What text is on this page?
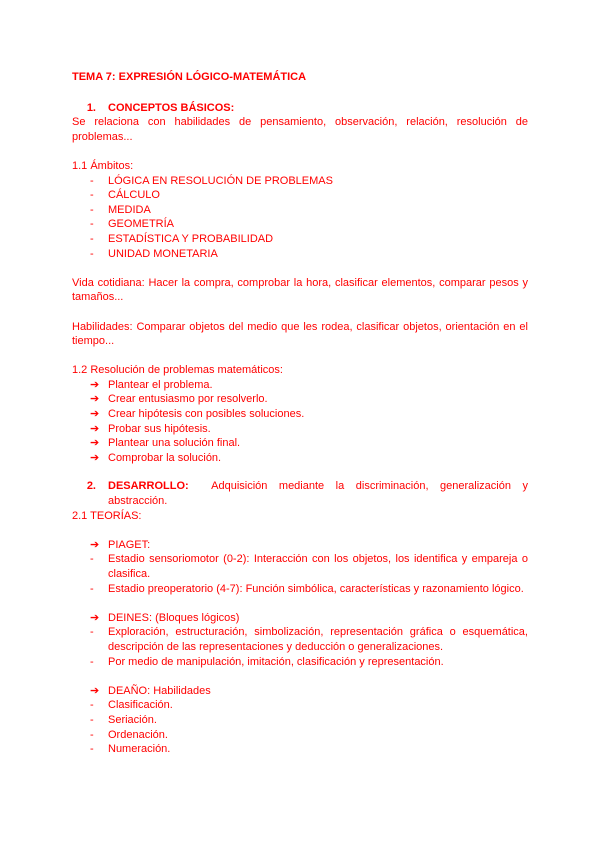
TEMA 7: EXPRESIÓN LÓGICO-MATEMÁTICA

1.	CONCEPTOS BÁSICOS:

Se relaciona con habilidades de pensamiento, observación, relación, resolución de problemas...

1.1 Ámbitos:

-	LÓGICA EN RESOLUCIÓN DE PROBLEMAS
-	CÁLCULO
-	MEDIDA
-	GEOMETRÍA
-	ESTADÍSTICA Y PROBABILIDAD
-	UNIDAD MONETARIA

Vida cotidiana: Hacer la compra, comprobar la hora, clasificar elementos, comparar pesos y tamaños...

Habilidades: Comparar objetos del medio que les rodea, clasificar objetos, orientación en el tiempo...

1.2 Resolución de problemas matemáticos:

➔ Plantear el problema.
➔ Crear entusiasmo por resolverlo.
➔ Crear hipótesis con posibles soluciones.
➔ Probar sus hipótesis.
➔ Plantear una solución final.
➔ Comprobar la solución.
2.	DESARROLLO: Adquisición mediante la discriminación, generalización y abstracción.

2.1 TEORÍAS:

➔ PIAGET:
-	Estadio sensoriomotor (0-2): Interacción con los objetos, los identifica y empareja o clasifica.
-	Estadio preoperatorio (4-7): Función simbólica, características y razonamiento lógico.
➔ DEINES: (Bloques lógicos)
-	Exploración, estructuración, simbolización, representación gráfica o esquemática, descripción de las representaciones y deducción o generalizaciones.
-	Por medio de manipulación, imitación, clasificación y representación.
➔ DEAÑO: Habilidades
-	Clasificación.
-	Seriación.
-	Ordenación.
-	Numeración.
